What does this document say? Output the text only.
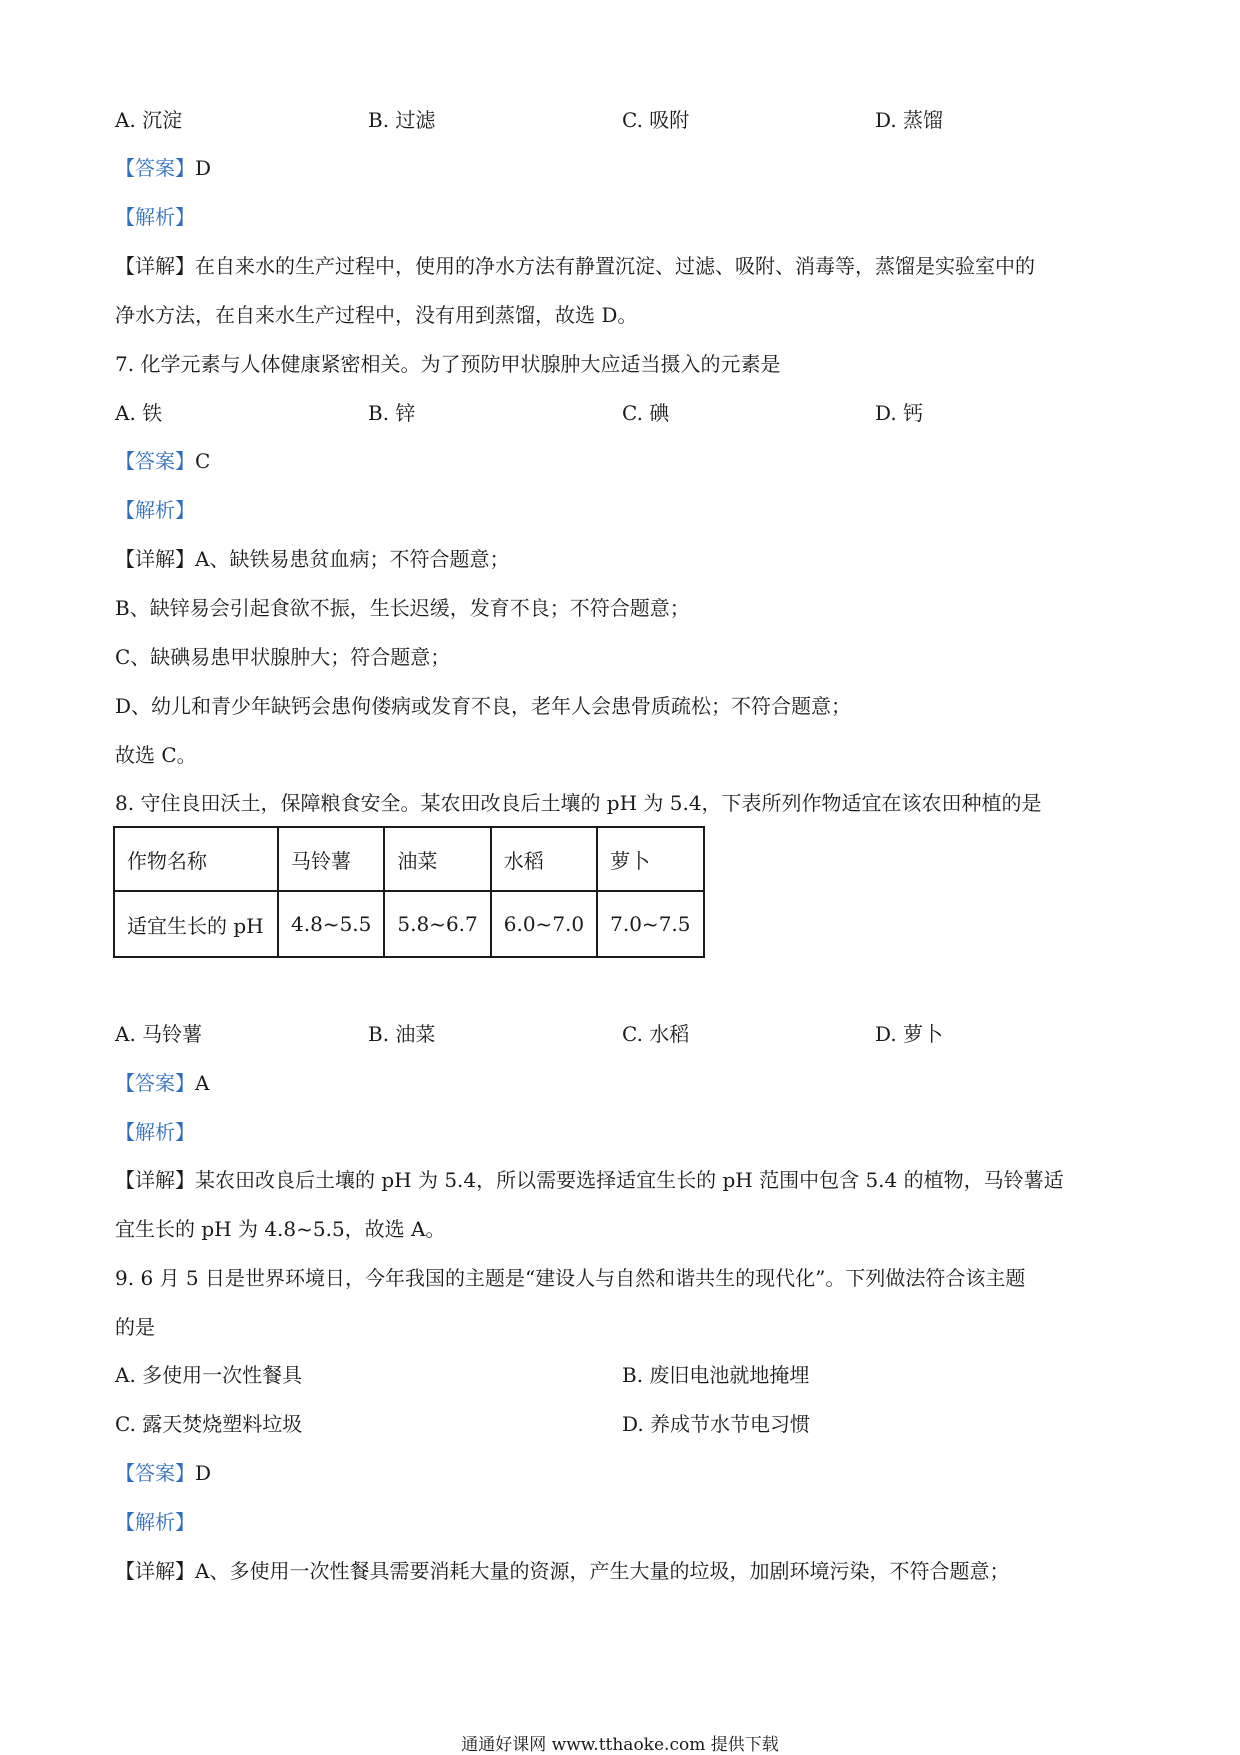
A. 沉淀	B. 过滤	C. 吸附	D. 蒸馏
【答案】D
【解析】
【详解】在自来水的生产过程中，使用的净水方法有静置沉淀、过滤、吸附、消毒等，蒸馏是实验室中的
净水方法，在自来水生产过程中，没有用到蒸馏，故选 D。
7. 化学元素与人体健康紧密相关。为了预防甲状腺肿大应适当摄入的元素是
A. 铁	B. 锌	C. 碘	D. 钙
【答案】C
【解析】
【详解】A、缺铁易患贫血病；不符合题意；
B、缺锌易会引起食欲不振，生长迟缓，发育不良；不符合题意；
C、缺碘易患甲状腺肿大；符合题意；
D、幼儿和青少年缺钙会患佝偻病或发育不良，老年人会患骨质疏松；不符合题意；
故选 C。
8. 守住良田沃土，保障粮食安全。某农田改良后土壤的 pH 为 5.4，下表所列作物适宜在该农田种植的是
作物名称	马铃薯	油菜	水稻	萝卜
适宜生长的 pH	4.8~5.5	5.8~6.7	6.0~7.0	7.0~7.5
A. 马铃薯	B. 油菜	C. 水稻	D. 萝卜
【答案】A
【解析】
【详解】某农田改良后土壤的 pH 为 5.4，所以需要选择适宜生长的 pH 范围中包含 5.4 的植物，马铃薯适
宜生长的 pH 为 4.8~5.5，故选 A。
9. 6 月 5 日是世界环境日，今年我国的主题是“建设人与自然和谐共生的现代化”。下列做法符合该主题
的是
A. 多使用一次性餐具	B. 废旧电池就地掩埋
C. 露天焚烧塑料垃圾	D. 养成节水节电习惯
【答案】D
【解析】
【详解】A、多使用一次性餐具需要消耗大量的资源，产生大量的垃圾，加剧环境污染，不符合题意；
通通好课网 www.tthaoke.com 提供下载
